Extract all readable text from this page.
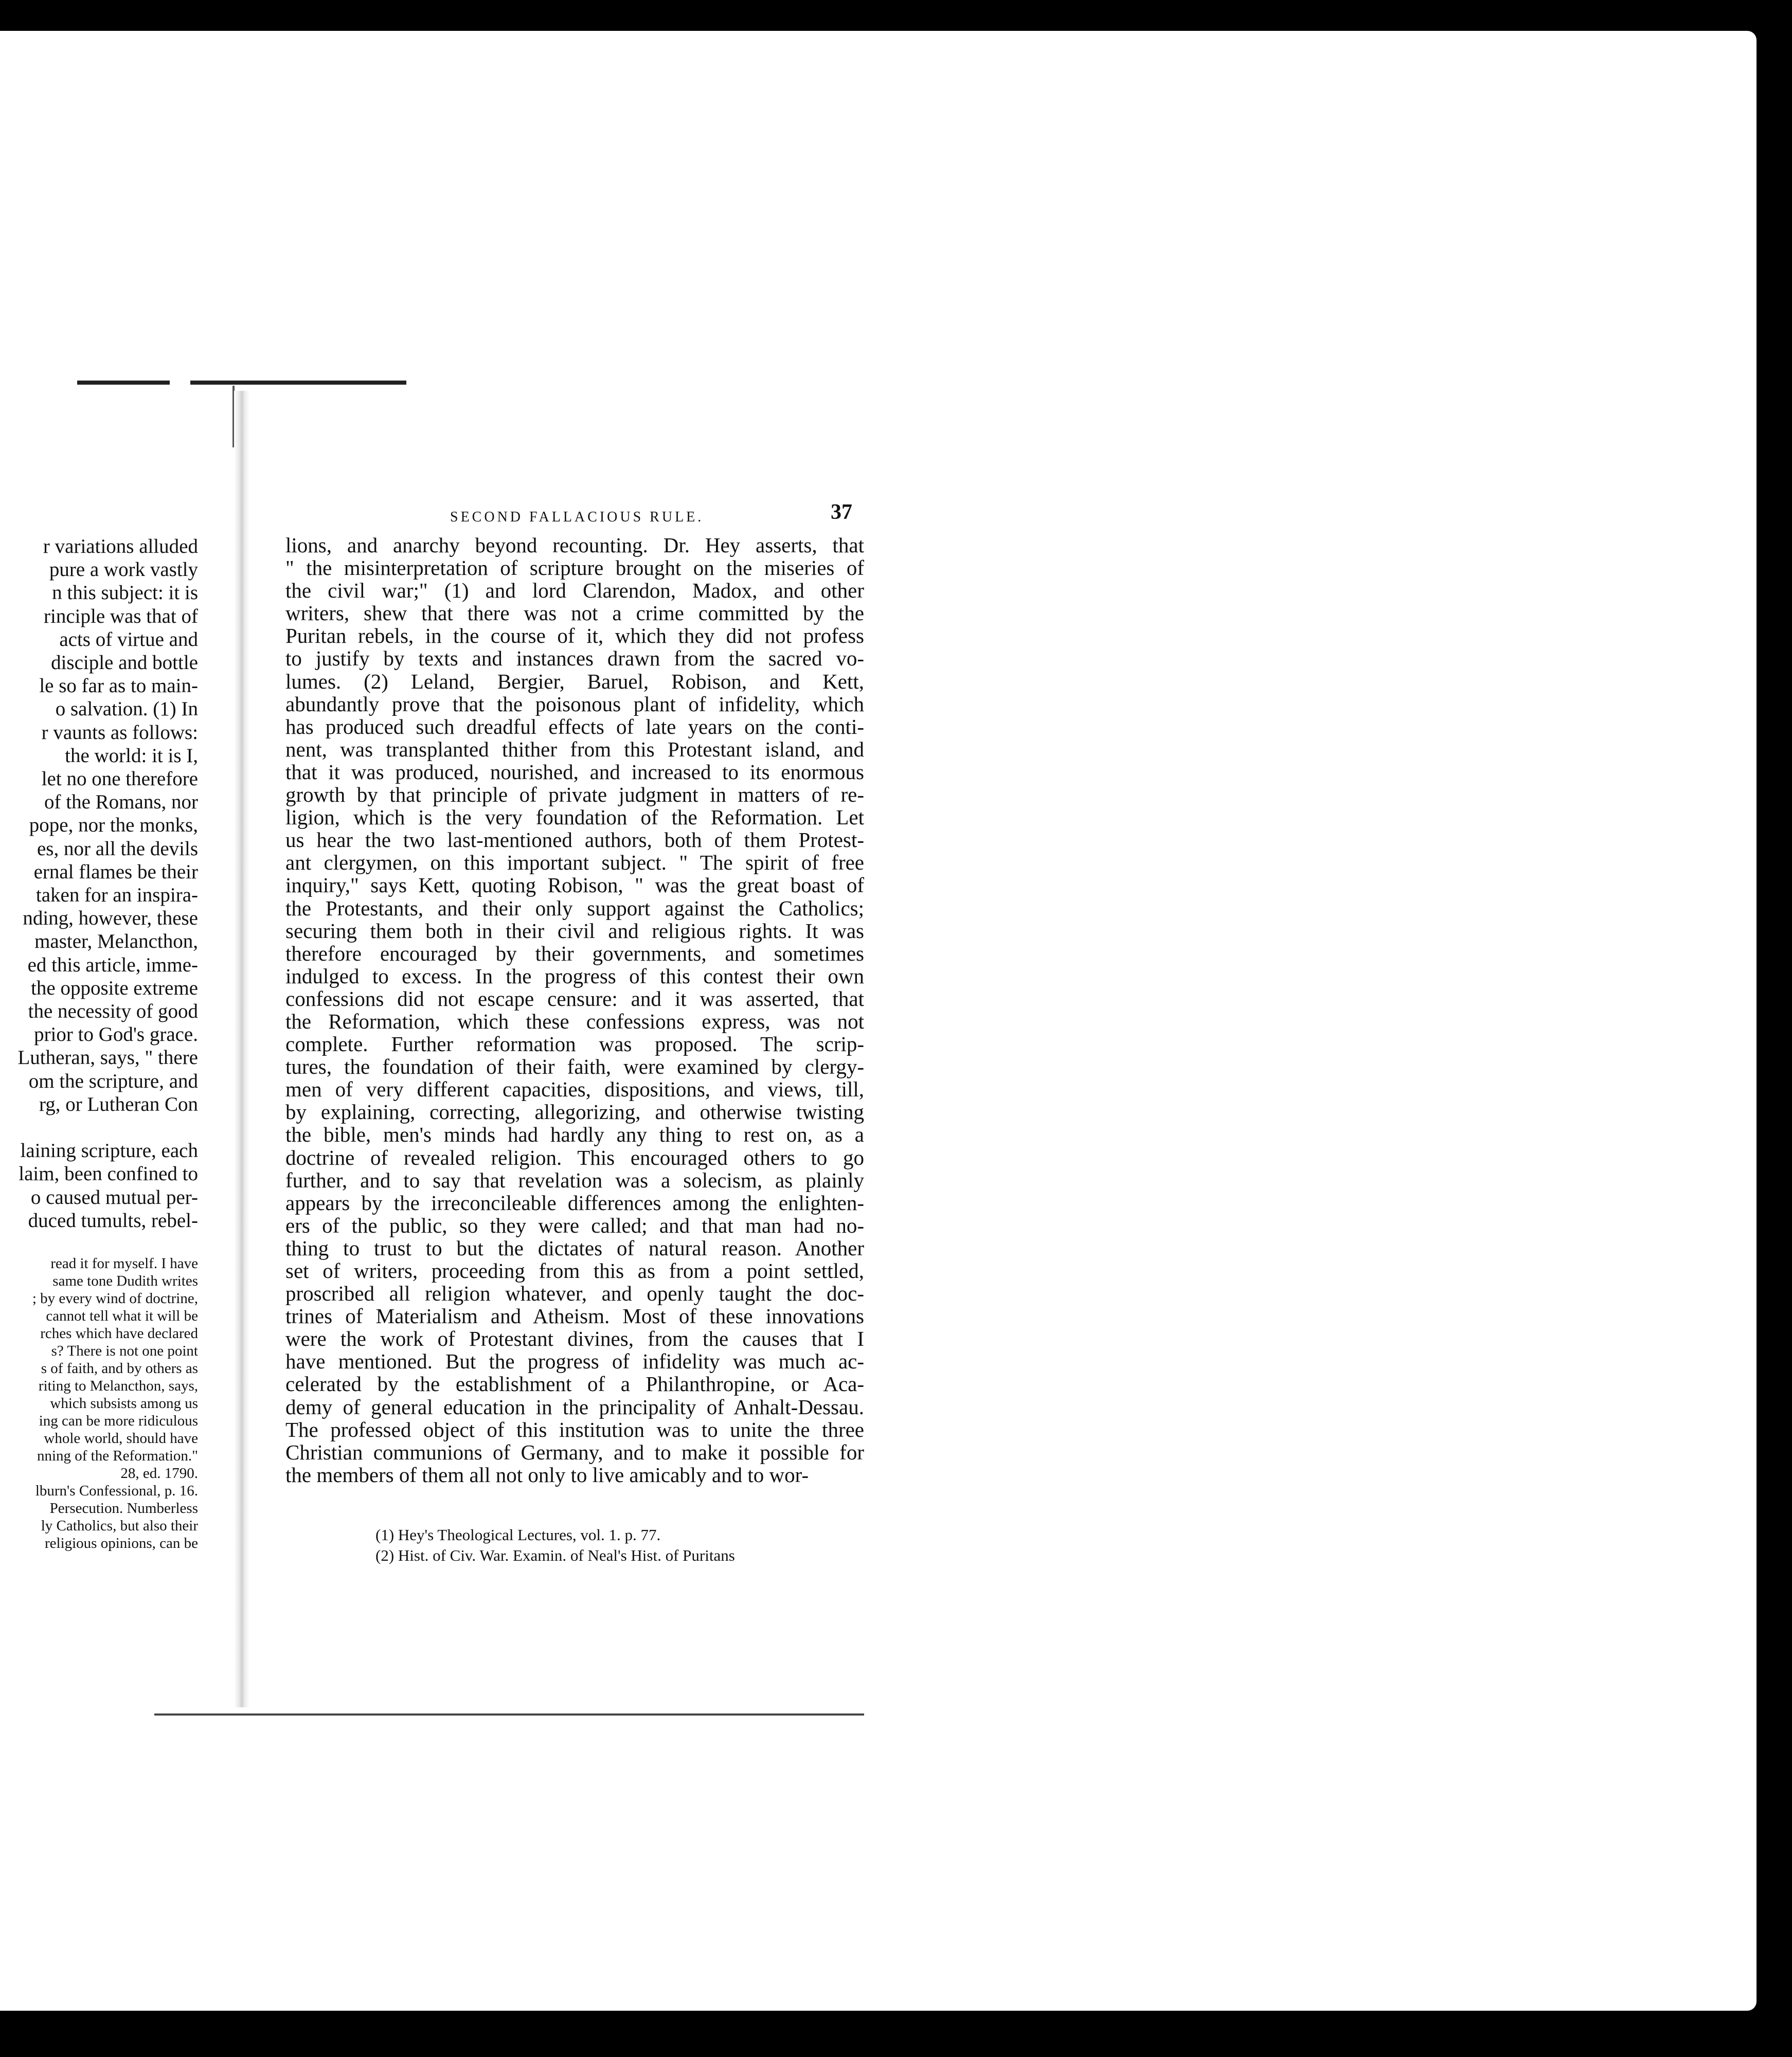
r variations alluded
pure a work vastly
n this subject: it is
rinciple was that of
acts of virtue and
disciple and bottle
le so far as to main-
o salvation. (1) In
r vaunts as follows:
the world: it is I,
let no one therefore
of the Romans, nor
pope, nor the monks,
es, nor all the devils
ernal flames be their
taken for an inspira-
nding, however, these
master, Melancthon,
ed this article, imme-
the opposite extreme
the necessity of good
prior to God's grace.
Lutheran, says, " there
om the scripture, and
rg, or Lutheran Con

laining scripture, each
laim, been confined to
o caused mutual per-
duced tumults, rebel-
read it for myself. I have
same tone Dudith writes
; by every wind of doctrine,
cannot tell what it will be
rches which have declared
s? There is not one point
s of faith, and by others as
riting to Melancthon, says,
which subsists among us
ing can be more ridiculous
whole world, should have
nning of the Reformation."
28, ed. 1790.
lburn's Confessional, p. 16.
Persecution. Numberless
ly Catholics, but also their
religious opinions, can be
SECOND FALLACIOUS RULE.	37
lions, and anarchy beyond recounting. Dr. Hey asserts, that
" the misinterpretation of scripture brought on the miseries of
the civil war;" (1) and lord Clarendon, Madox, and other
writers, shew that there was not a crime committed by the
Puritan rebels, in the course of it, which they did not profess
to justify by texts and instances drawn from the sacred vo-
lumes. (2) Leland, Bergier, Baruel, Robison, and Kett,
abundantly prove that the poisonous plant of infidelity, which
has produced such dreadful effects of late years on the conti-
nent, was transplanted thither from this Protestant island, and
that it was produced, nourished, and increased to its enormous
growth by that principle of private judgment in matters of re-
ligion, which is the very foundation of the Reformation. Let
us hear the two last-mentioned authors, both of them Protest-
ant clergymen, on this important subject. " The spirit of free
inquiry," says Kett, quoting Robison, " was the great boast of
the Protestants, and their only support against the Catholics;
securing them both in their civil and religious rights. It was
therefore encouraged by their governments, and sometimes
indulged to excess. In the progress of this contest their own
confessions did not escape censure: and it was asserted, that
the Reformation, which these confessions express, was not
complete. Further reformation was proposed. The scrip-
tures, the foundation of their faith, were examined by clergy-
men of very different capacities, dispositions, and views, till,
by explaining, correcting, allegorizing, and otherwise twisting
the bible, men's minds had hardly any thing to rest on, as a
doctrine of revealed religion. This encouraged others to go
further, and to say that revelation was a solecism, as plainly
appears by the irreconcileable differences among the enlighten-
ers of the public, so they were called; and that man had no-
thing to trust to but the dictates of natural reason. Another
set of writers, proceeding from this as from a point settled,
proscribed all religion whatever, and openly taught the doc-
trines of Materialism and Atheism. Most of these innovations
were the work of Protestant divines, from the causes that I
have mentioned. But the progress of infidelity was much ac-
celerated by the establishment of a Philanthropine, or Aca-
demy of general education in the principality of Anhalt-Dessau.
The professed object of this institution was to unite the three
Christian communions of Germany, and to make it possible for
the members of them all not only to live amicably and to wor-
(1) Hey's Theological Lectures, vol. 1. p. 77.
(2) Hist. of Civ. War. Examin. of Neal's Hist. of Puritans
